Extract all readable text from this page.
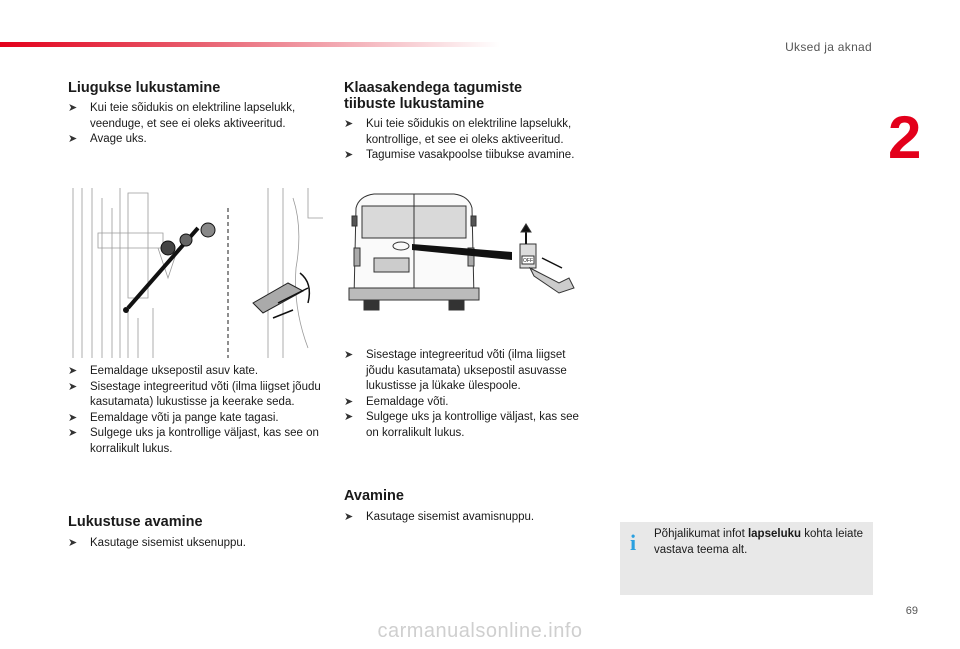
Uksed ja aknad
2
Liugukse lukustamine
➤ Kui teie sõidukis on elektriline lapselukk, veenduge, et see ei oleks aktiveeritud.
➤ Avage uks.
➤ Eemaldage uksepostil asuv kate.
➤ Sisestage integreeritud võti (ilma liigset jõudu kasutamata) lukustisse ja keerake seda.
➤ Eemaldage võti ja pange kate tagasi.
➤ Sulgege uks ja kontrollige väljast, kas see on korralikult lukus.
Lukustuse avamine
➤ Kasutage sisemist uksenuppu.
Klaasakendega tagumiste
tiibuste lukustamine
➤ Kui teie sõidukis on elektriline lapselukk, kontrollige, et see ei oleks aktiveeritud.
➤ Tagumise vasakpoolse tiibukse avamine.
OFF
➤ Sisestage integreeritud võti (ilma liigset jõudu kasutamata) uksepostil asuvasse lukustisse ja lükake ülespoole.
➤ Eemaldage võti.
➤ Sulgege uks ja kontrollige väljast, kas see on korralikult lukus.
Avamine
➤ Kasutage sisemist avamisnuppu.
i Põhjalikumat infot lapseluku kohta leiate vastava teema alt.
69
carmanualsonline.info
